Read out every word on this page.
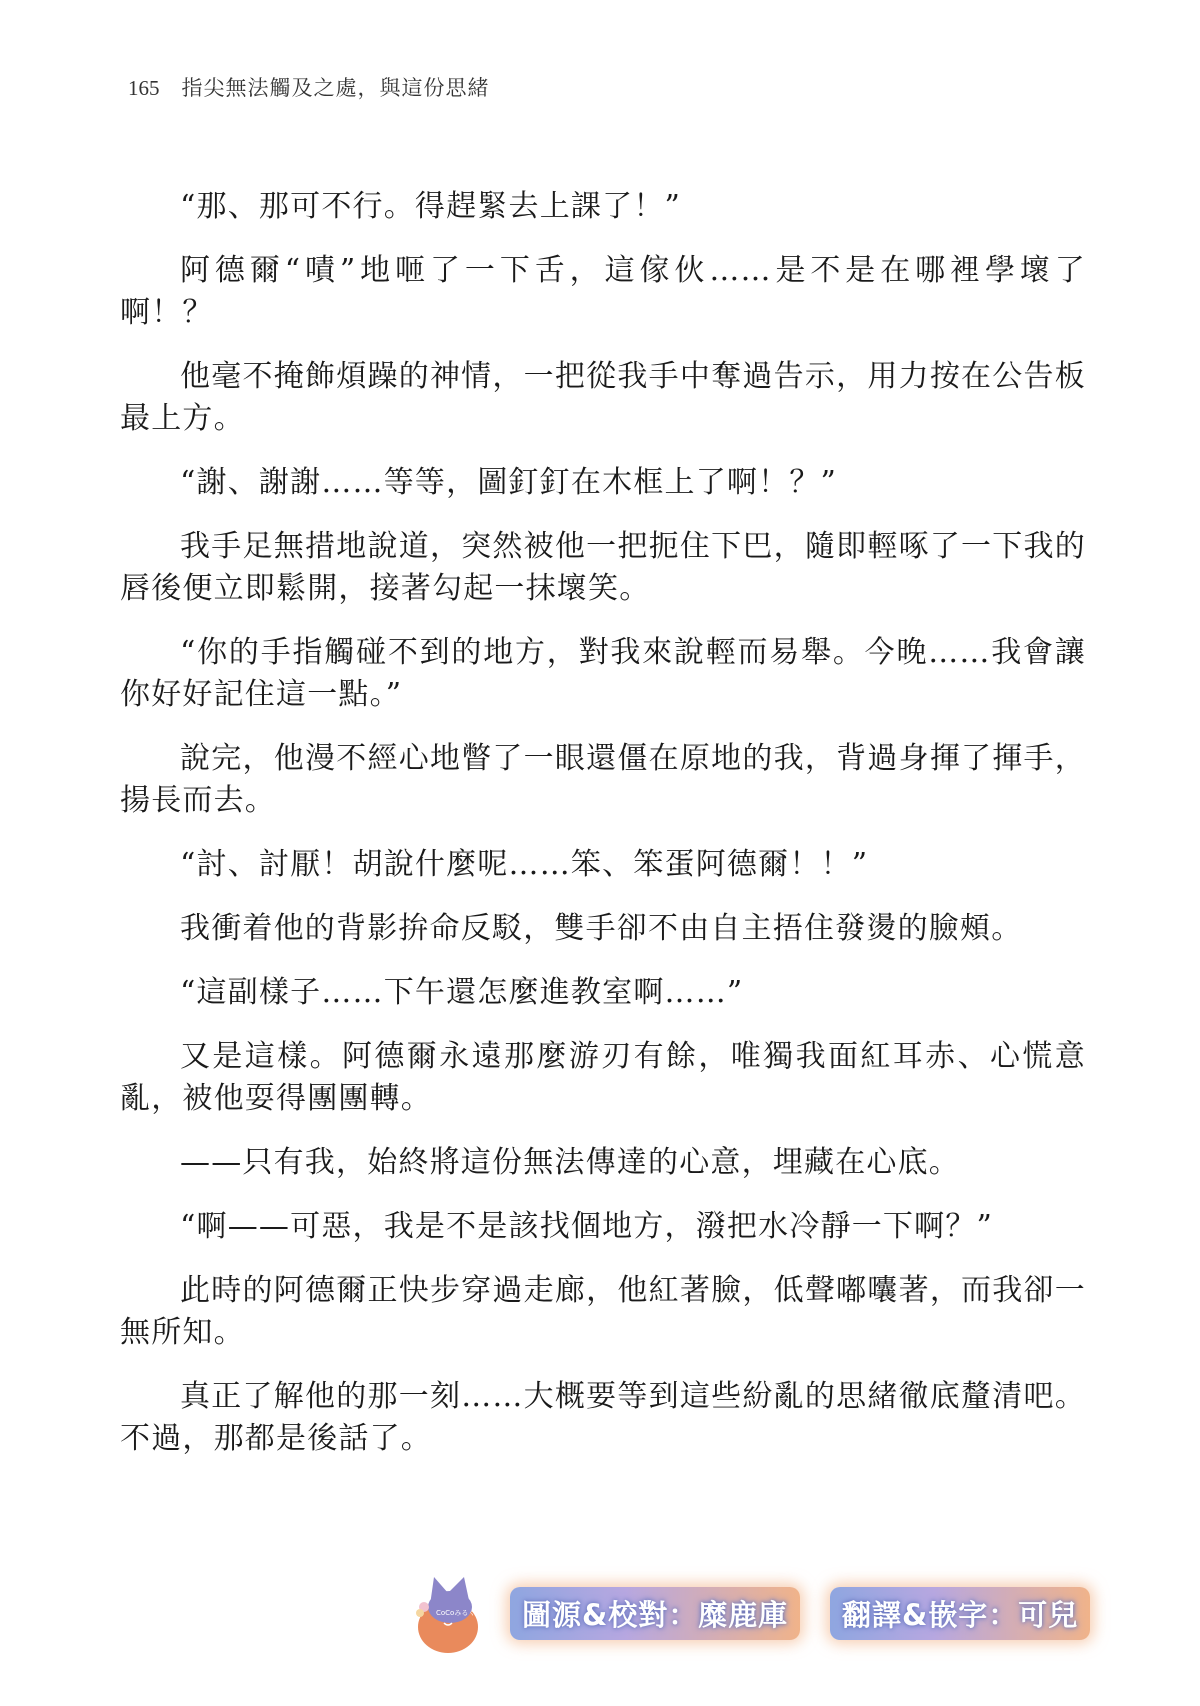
165 指尖無法觸及之處，與這份思緒

“那、那可不行。得趕緊去上課了！”

阿德爾“嘖”地咂了一下舌，這傢伙……是不是在哪裡學壞了啊！？

他毫不掩飾煩躁的神情，一把從我手中奪過告示，用力按在公告板最上方。

“謝、謝謝……等等，圖釘釘在木框上了啊！？”

我手足無措地說道，突然被他一把扼住下巴，隨即輕啄了一下我的唇後便立即鬆開，接著勾起一抹壞笑。

“你的手指觸碰不到的地方，對我來說輕而易舉。今晚……我會讓你好好記住這一點。”

說完，他漫不經心地瞥了一眼還僵在原地的我，背過身揮了揮手，揚長而去。

“討、討厭！胡說什麼呢……笨、笨蛋阿德爾！！”

我衝着他的背影拚命反駁，雙手卻不由自主捂住發燙的臉頰。

“這副樣子……下午還怎麼進教室啊……”

又是這樣。阿德爾永遠那麼游刃有餘，唯獨我面紅耳赤、心慌意亂，被他耍得團團轉。

——只有我，始終將這份無法傳達的心意，埋藏在心底。

“啊——可惡，我是不是該找個地方，潑把水冷靜一下啊？”

此時的阿德爾正快步穿過走廊，他紅著臉，低聲嘟囔著，而我卻一無所知。

真正了解他的那一刻……大概要等到這些紛亂的思緒徹底釐清吧。不過，那都是後話了。

CoCoみるく	圖源&校對：糜鹿庫	翻譯&嵌字：可兒
